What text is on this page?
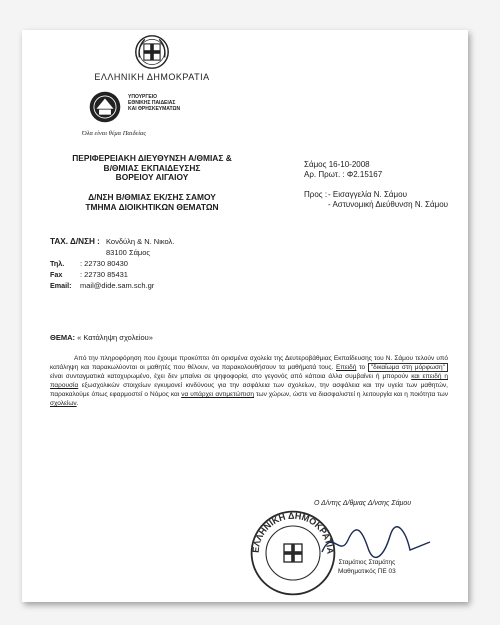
ΕΛΛΗΝΙΚΗ ΔΗΜΟΚΡΑΤΙΑ
ΥΠΟΥΡΓΕΙΟ
ΕΘΝΙΚΗΣ ΠΑΙΔΕΙΑΣ
ΚΑΙ ΘΡΗΣΚΕΥΜΑΤΩΝ
Όλα είναι θέμα Παιδείας
ΠΕΡΙΦΕΡΕΙΑΚΗ ΔΙΕΥΘΥΝΣΗ Α/ΘΜΙΑΣ &
Β/ΘΜΙΑΣ ΕΚΠΑΙΔΕΥΣΗΣ
ΒΟΡΕΙΟΥ ΑΙΓΑΙΟΥ
Δ/ΝΣΗ Β/ΘΜΙΑΣ ΕΚ/ΣΗΣ ΣΑΜΟΥ
ΤΜΗΜΑ ΔΙΟΙΚΗΤΙΚΩΝ ΘΕΜΑΤΩΝ
Σάμος 16-10-2008
Αρ. Πρωτ. : Φ2.15167
Προς : - Εισαγγελία Ν. Σάμου
- Αστυνομική Διεύθυνση Ν. Σάμου
ΤΑΧ. Δ/ΝΣΗ : Κονδύλη & Ν. Νικολ.
83100 Σάμος
Τηλ. : 22730 80430
Fax : 22730 85431
Email: mail@dide.sam.sch.gr
ΘΕΜΑ: « Κατάληψη σχολείου»
Από την πληροφόρηση που έχουμε προκύπτει ότι ορισμένα σχολεία της Δευτεροβάθμιας Εκπαίδευσης του Ν. Σάμου τελούν υπό κατάληψη και παρακωλύονται οι μαθητές που θέλουν, να παρακολουθήσουν τα μαθήματά τους. Επειδή το "δικαίωμα στη μόρφωση" είναι συνταγματικά κατοχυρωμένο, έχει δεν μπαίνει σε ψηφοφορία, στο γεγονός από κάποια άλλα συμβαίνει ή μπορούν και επειδή η παρουσία εξωσχολικών στοιχείων εγκυμονεί κινδύνους για την ασφάλεια των σχολείων, την ασφάλεια και την υγεία των μαθητών, παρακαλούμε όπως εφαρμοστεί ο Νόμος και να υπάρχει αντιμετώπιση των χώρων, ώστε να διασφαλιστεί η λειτουργία και η ποιότητα των σχολείων.
Ο Δ/ντης Δ/θμιας Δ/νσης Σάμου
ΕΛΛΗΝΙΚΗ ΔΗΜΟΚΡΑΤΙΑ
Σταμάτιος Σταμάτης
Μαθηματικός ΠΕ 03
